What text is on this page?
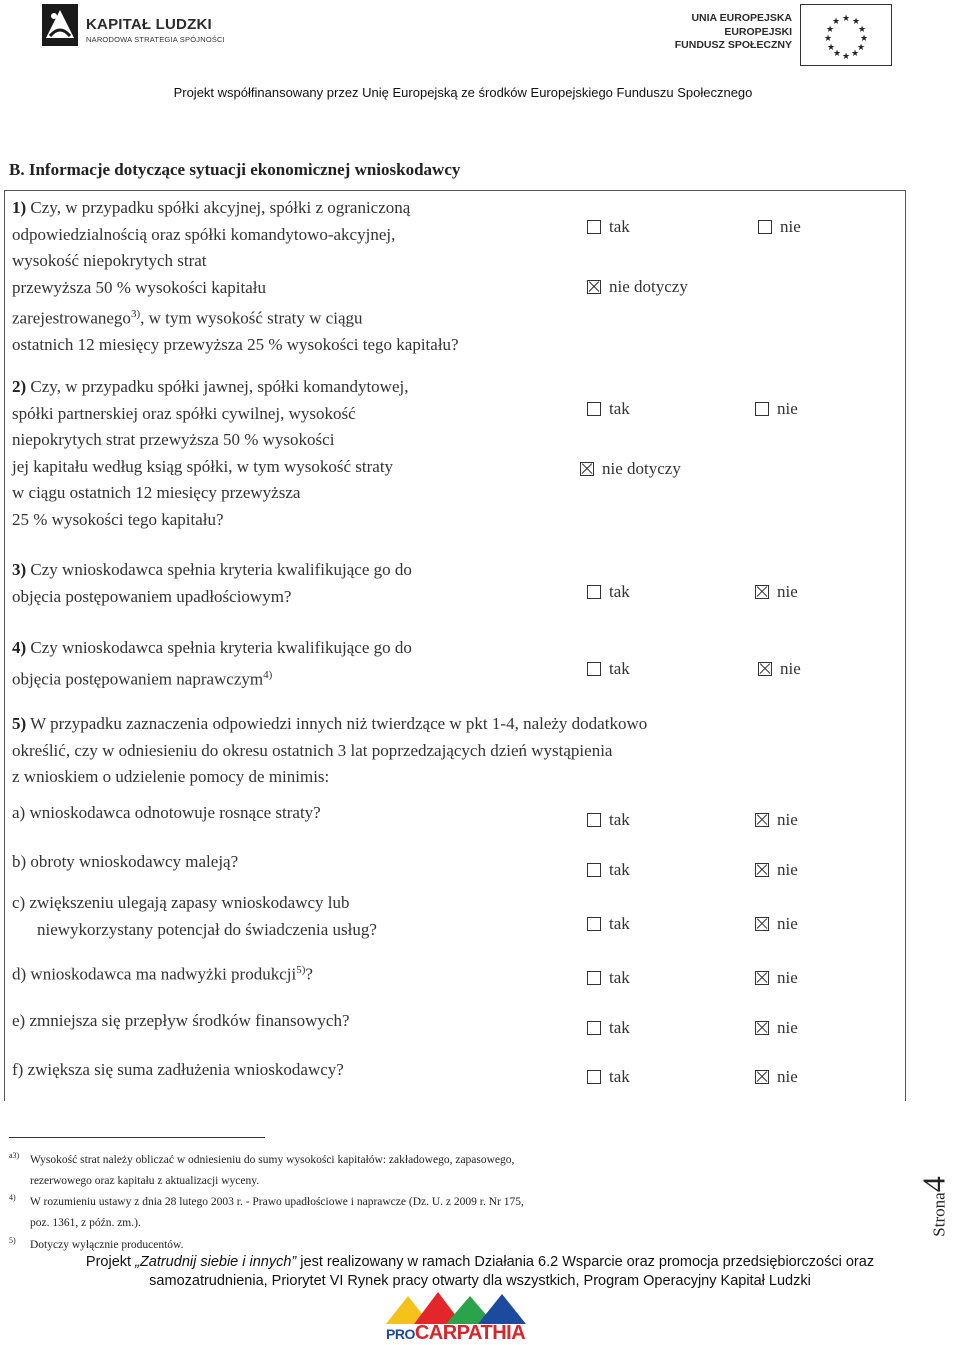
KAPITAŁ LUDZKI
NARODOWA STRATEGIA SPÓJNOŚCI
UNIA EUROPEJSKA
EUROPEJSKI
FUNDUSZ SPOŁECZNY
★ ★
★
★
★
★
★
★
★
★
★
★
Projekt współfinansowany przez Unię Europejską ze środków Europejskiego Funduszu Społecznego
B. Informacje dotyczące sytuacji ekonomicznej wnioskodawcy
1) Czy, w przypadku spółki akcyjnej, spółki z ograniczoną
odpowiedzialnością oraz spółki komandytowo-akcyjnej,
wysokość niepokrytych strat
przewyższa 50 % wysokości kapitału
zarejestrowanego$^{3)}$, w tym wysokość straty w ciągu
ostatnich 12 miesięcy przewyższa 25 % wysokości tego kapitału?
tak	nie
nie dotyczy
2) Czy, w przypadku spółki jawnej, spółki komandytowej,
spółki partnerskiej oraz spółki cywilnej, wysokość
niepokrytych strat przewyższa 50 % wysokości
jej kapitału według ksiąg spółki, w tym wysokość straty
w ciągu ostatnich 12 miesięcy przewyższa
25 % wysokości tego kapitału?
tak	nie
nie dotyczy
3) Czy wnioskodawca spełnia kryteria kwalifikujące go do
objęcia postępowaniem upadłościowym?	tak	nie
4) Czy wnioskodawca spełnia kryteria kwalifikujące go do
objęcia postępowaniem naprawczym$^{4)}$	tak	nie
5) W przypadku zaznaczenia odpowiedzi innych niż twierdzące w pkt 1-4, należy dodatkowo
określić, czy w odniesieniu do okresu ostatnich 3 lat poprzedzających dzień wystąpienia
z wnioskiem o udzielenie pomocy de minimis:
a) wnioskodawca odnotowuje rosnące straty?	tak	nie
b) obroty wnioskodawcy maleją?	tak	nie
c) zwiększeniu ulegają zapasy wnioskodawcy lub
niewykorzystany potencjał do świadczenia usług?	tak	nie
d) wnioskodawca ma nadwyżki produkcji$^{5)}$?	tak	nie
e) zmniejsza się przepływ środków finansowych?	tak	nie
f) zwiększa się suma zadłużenia wnioskodawcy?	tak	nie
a3) Wysokość strat należy obliczać w odniesieniu do sumy wysokości kapitałów: zakładowego, zapasowego,
rezerwowego oraz kapitału z aktualizacji wyceny.
4) W rozumieniu ustawy z dnia 28 lutego 2003 r. - Prawo upadłościowe i naprawcze (Dz. U. z 2009 r. Nr 175,
poz. 1361, z późn. zm.).
5) Dotyczy wyłącznie producentów.
Strona4
Projekt „Zatrudnij siebie i innych” jest realizowany w ramach Działania 6.2 Wsparcie oraz promocja przedsiębiorczości oraz
samozatrudnienia, Priorytet VI Rynek pracy otwarty dla wszystkich, Program Operacyjny Kapitał Ludzki
PROCARPATHIA
